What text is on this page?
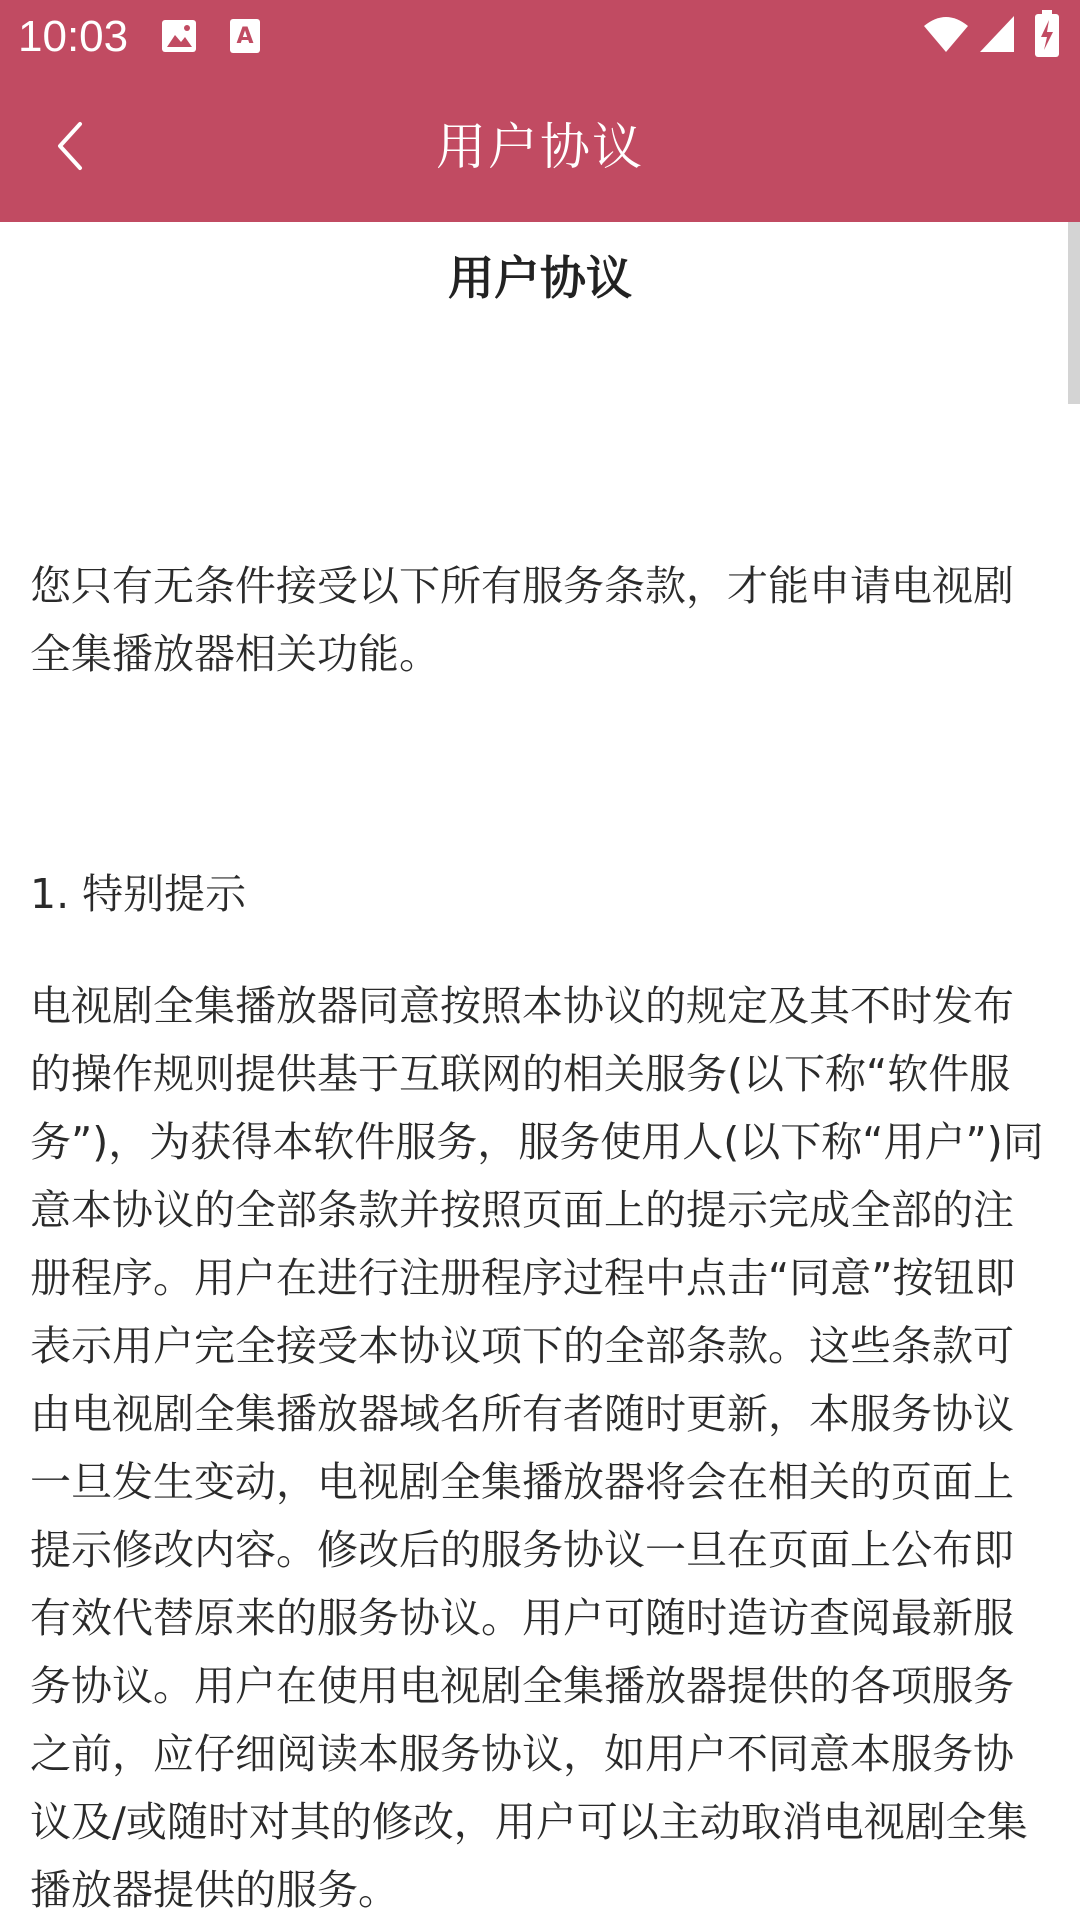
10:03	A
用户协议
用户协议

您只有无条件接受以下所有服务条款，才能申请电视剧全集播放器相关功能。

1. 特别提示

电视剧全集播放器同意按照本协议的规定及其不时发布的操作规则提供基于互联网的相关服务(以下称“软件服务”)，为获得本软件服务，服务使用人(以下称“用户”)同意本协议的全部条款并按照页面上的提示完成全部的注册程序。用户在进行注册程序过程中点击“同意”按钮即表示用户完全接受本协议项下的全部条款。这些条款可由电视剧全集播放器域名所有者随时更新，本服务协议一旦发生变动，电视剧全集播放器将会在相关的页面上提示修改内容。修改后的服务协议一旦在页面上公布即有效代替原来的服务协议。用户可随时造访查阅最新服务协议。用户在使用电视剧全集播放器提供的各项服务之前，应仔细阅读本服务协议，如用户不同意本服务协议及/或随时对其的修改，用户可以主动取消电视剧全集播放器提供的服务。
